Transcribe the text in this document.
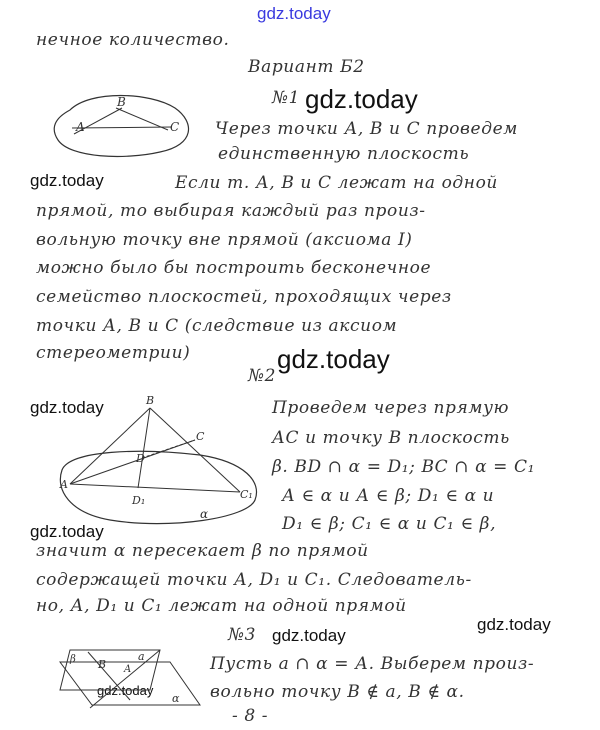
gdz.today
gdz.today
gdz.today
gdz.today
gdz.today
gdz.today
gdz.today
gdz.today
gdz.today
нечное количество.
Вариант Б2
№1
Через точки А, В и С проведем
единственную плоскость
Если т. А, В и С лежат на одной
прямой, то выбирая каждый раз произ-
вольную точку вне прямой (аксиома I)
можно было бы построить бесконечное
семейство плоскостей, проходящих через
точки А, В и С (следствие из аксиом
стереометрии)
№2
Проведем через прямую
АС и точку В плоскость
β. ВD ∩ α = D₁; ВС ∩ α = С₁
А ∈ α и А ∈ β; D₁ ∈ α и
D₁ ∈ β; С₁ ∈ α и С₁ ∈ β,
значит α пересекает β по прямой
содержащей точки А, D₁ и С₁. Следователь-
но, А, D₁ и С₁ лежат на одной прямой
№3
Пусть а ∩ α = А. Выберем произ-
вольно точку В ∉ а, В ∉ α.
- 8 -
A
B
C
B
C
D
A
D₁	C₁
α
β B A
a
α
